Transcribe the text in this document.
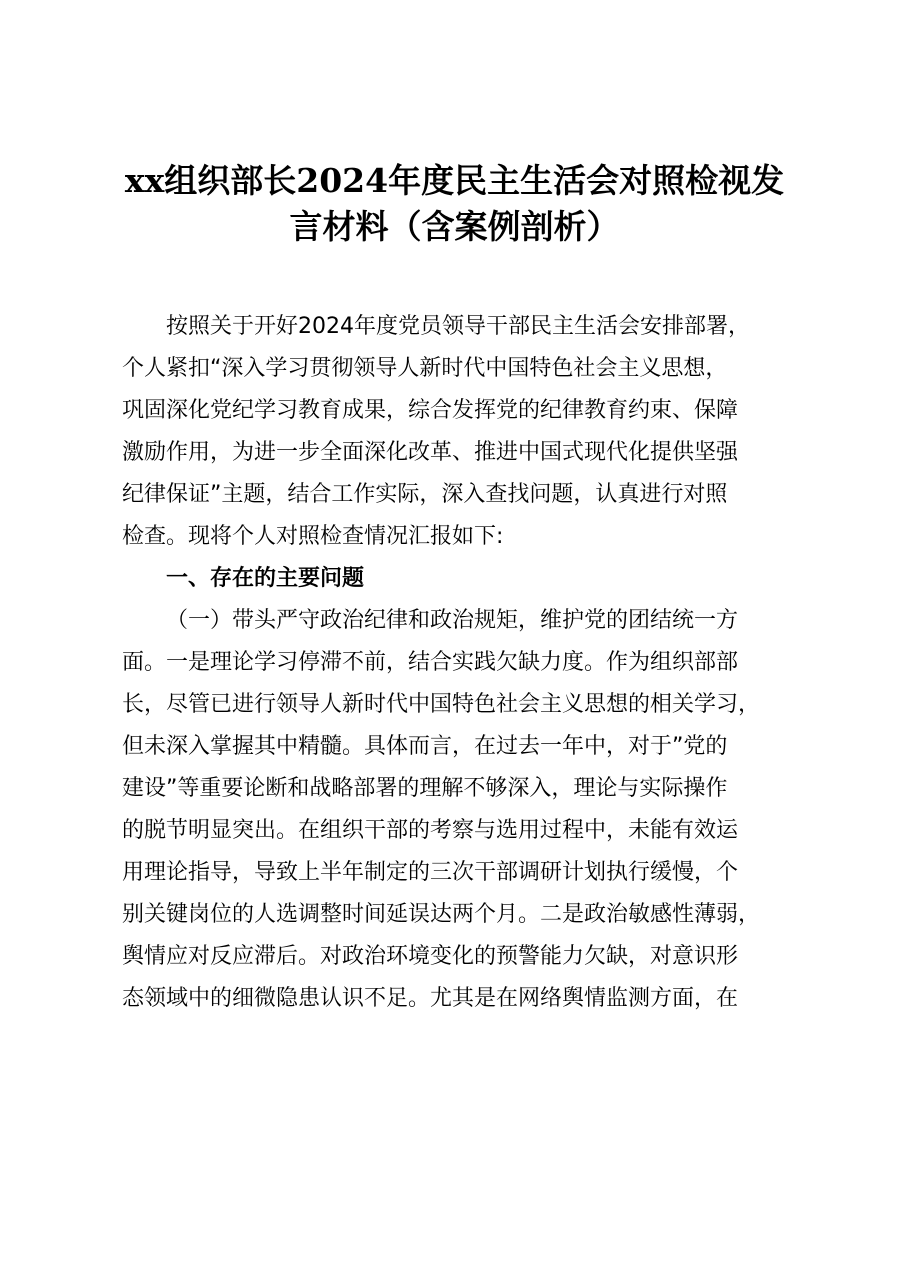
xx组织部长2024年度民主生活会对照检视发
言材料（含案例剖析）

按照关于开好2024年度党员领导干部民主生活会安排部署，
个人紧扣“深入学习贯彻领导人新时代中国特色社会主义思想，
巩固深化党纪学习教育成果，综合发挥党的纪律教育约束、保障
激励作用，为进一步全面深化改革、推进中国式现代化提供坚强
纪律保证”主题，结合工作实际，深入查找问题，认真进行对照
检查。现将个人对照检查情况汇报如下:

一、存在的主要问题

（一）带头严守政治纪律和政治规矩，维护党的团结统一方
面。一是理论学习停滞不前，结合实践欠缺力度。作为组织部部
长，尽管已进行领导人新时代中国特色社会主义思想的相关学习，
但未深入掌握其中精髓。具体而言，在过去一年中，对于”党的
建设”等重要论断和战略部署的理解不够深入，理论与实际操作
的脱节明显突出。在组织干部的考察与选用过程中，未能有效运
用理论指导，导致上半年制定的三次干部调研计划执行缓慢，个
别关键岗位的人选调整时间延误达两个月。二是政治敏感性薄弱，
舆情应对反应滞后。对政治环境变化的预警能力欠缺，对意识形
态领域中的细微隐患认识不足。尤其是在网络舆情监测方面，在
